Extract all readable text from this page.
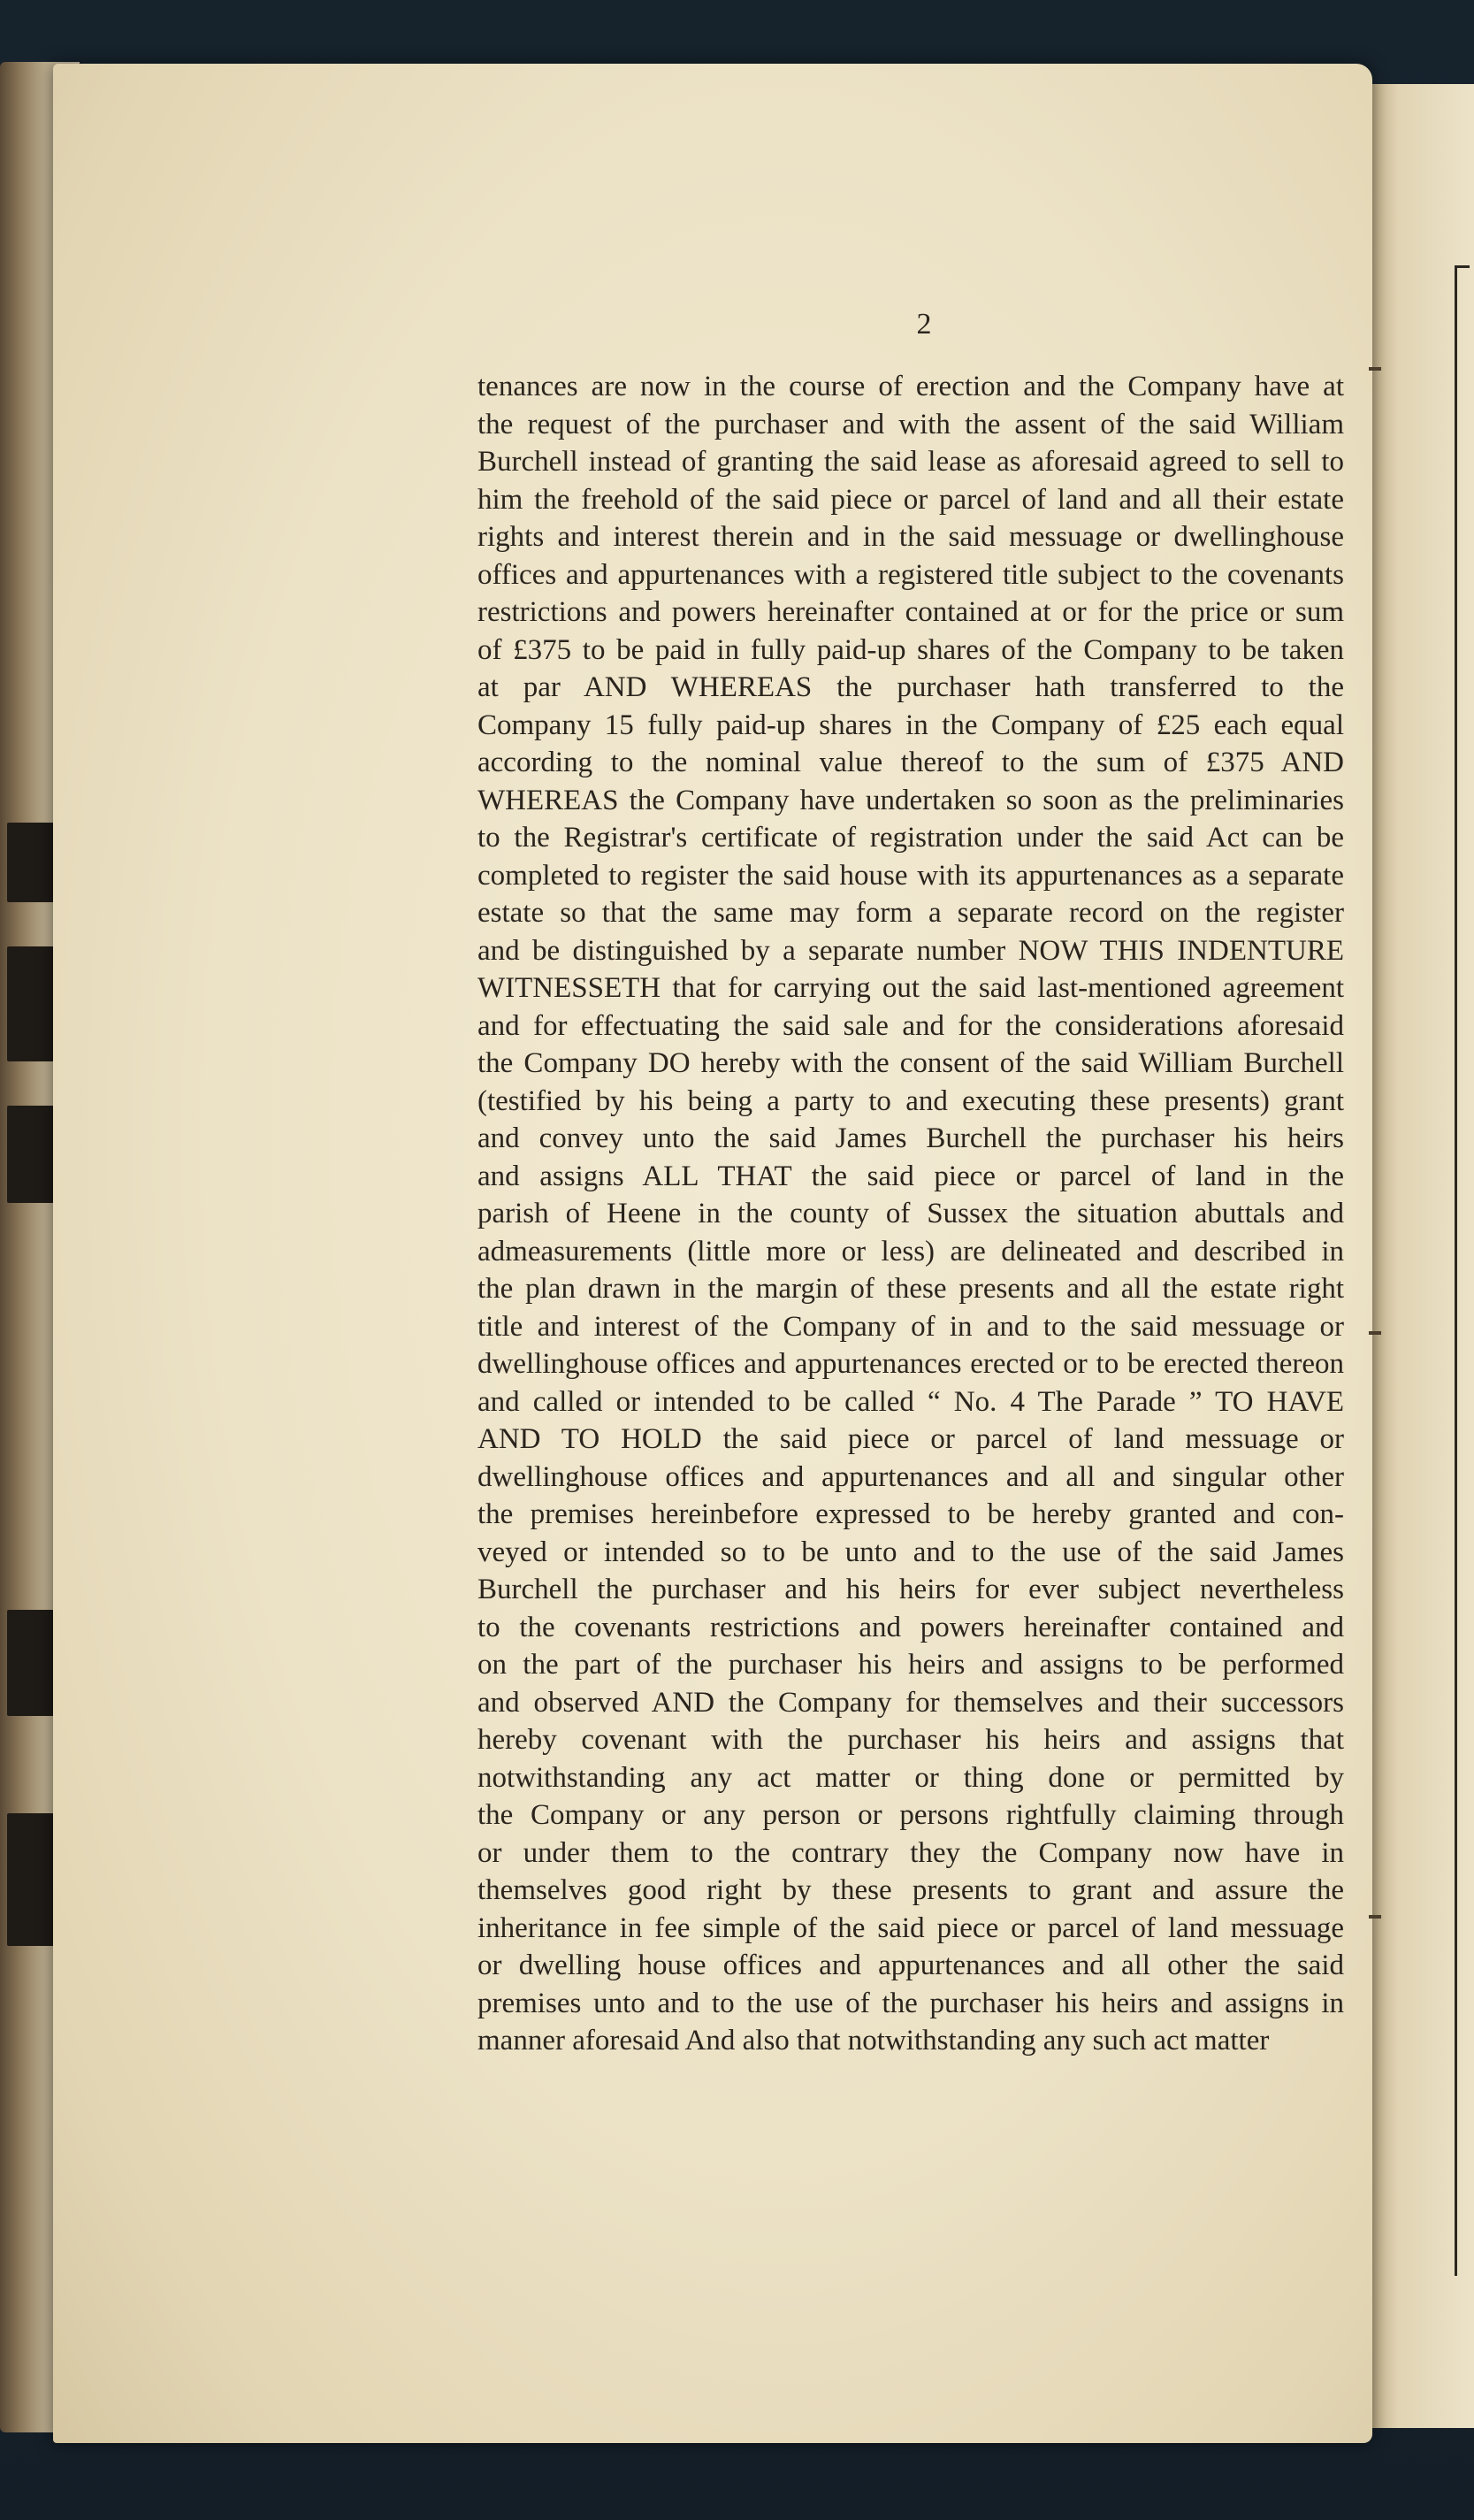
2
tenances are now in the course of erection and the Company have at
the request of the purchaser and with the assent of the said William
Burchell instead of granting the said lease as aforesaid agreed to sell to
him the freehold of the said piece or parcel of land and all their estate
rights and interest therein and in the said messuage or dwellinghouse
offices and appurtenances with a registered title subject to the covenants
restrictions and powers hereinafter contained at or for the price or sum
of £375 to be paid in fully paid-up shares of the Company to be taken
at par AND WHEREAS the purchaser hath transferred to the
Company 15 fully paid-up shares in the Company of £25 each equal
according to the nominal value thereof to the sum of £375 AND
WHEREAS the Company have undertaken so soon as the preliminaries
to the Registrar's certificate of registration under the said Act can be
completed to register the said house with its appurtenances as a separate
estate so that the same may form a separate record on the register
and be distinguished by a separate number NOW THIS INDENTURE
WITNESSETH that for carrying out the said last-mentioned agreement
and for effectuating the said sale and for the considerations aforesaid
the Company DO hereby with the consent of the said William Burchell
(testified by his being a party to and executing these presents) grant
and convey unto the said James Burchell the purchaser his heirs
and assigns ALL THAT the said piece or parcel of land in the
parish of Heene in the county of Sussex the situation abuttals and
admeasurements (little more or less) are delineated and described in
the plan drawn in the margin of these presents and all the estate right
title and interest of the Company of in and to the said messuage or
dwellinghouse offices and appurtenances erected or to be erected thereon
and called or intended to be called “ No. 4 The Parade ” TO HAVE
AND TO HOLD the said piece or parcel of land messuage or
dwellinghouse offices and appurtenances and all and singular other
the premises hereinbefore expressed to be hereby granted and con-
veyed or intended so to be unto and to the use of the said James
Burchell the purchaser and his heirs for ever subject nevertheless
to the covenants restrictions and powers hereinafter contained and
on the part of the purchaser his heirs and assigns to be performed
and observed AND the Company for themselves and their successors
hereby covenant with the purchaser his heirs and assigns that
notwithstanding any act matter or thing done or permitted by
the Company or any person or persons rightfully claiming through
or under them to the contrary they the Company now have in
themselves good right by these presents to grant and assure the
inheritance in fee simple of the said piece or parcel of land messuage
or dwelling house offices and appurtenances and all other the said
premises unto and to the use of the purchaser his heirs and assigns in
manner aforesaid And also that notwithstanding any such act matter
